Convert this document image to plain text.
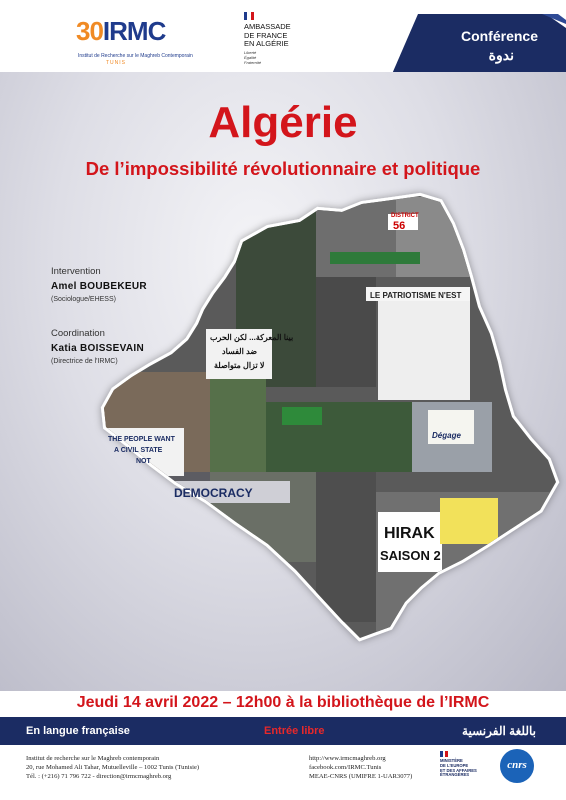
30IRMC
Institut de Recherche sur le Maghreb Contemporain
TUNIS
AMBASSADE
DE FRANCE
EN ALGÉRIE
Liberté
Égalité
Fraternité
Conférence
ندوة
DISTRICT
56
LE PATRIOTISME N'EST
THE PEOPLE WANT
A CIVIL STATE
NOT
DEMOCRACY
HIRAK
SAISON 2
Dégage
بينا المعركة... لكن الحرب
ضد الفساد
لا تزال متواصلة
Algérie
De l’impossibilité révolutionnaire et politique
Intervention
Amel BOUBEKEUR
(Sociologue/EHESS)
Coordination
Katia BOISSEVAIN
(Directrice de l'IRMC)
Jeudi 14 avril 2022 – 12h00 à la bibliothèque de l’IRMC
En langue française	Entrée libre	باللغة الفرنسية
Institut de recherche sur le Maghreb contemporain
20, rue Mohamed Ali Tahar, Mutuelleville – 1002 Tunis (Tunisie)
Tél. : (+216) 71 796 722 - direction@irmcmaghreb.org
http://www.irmcmaghreb.org
facebook.com/IRMC.Tunis
MEAE-CNRS (UMIFRE 1-UAR3077)
MINISTÈRE
DE L'EUROPE
ET DES AFFAIRES
ÉTRANGÈRES
cnrs
